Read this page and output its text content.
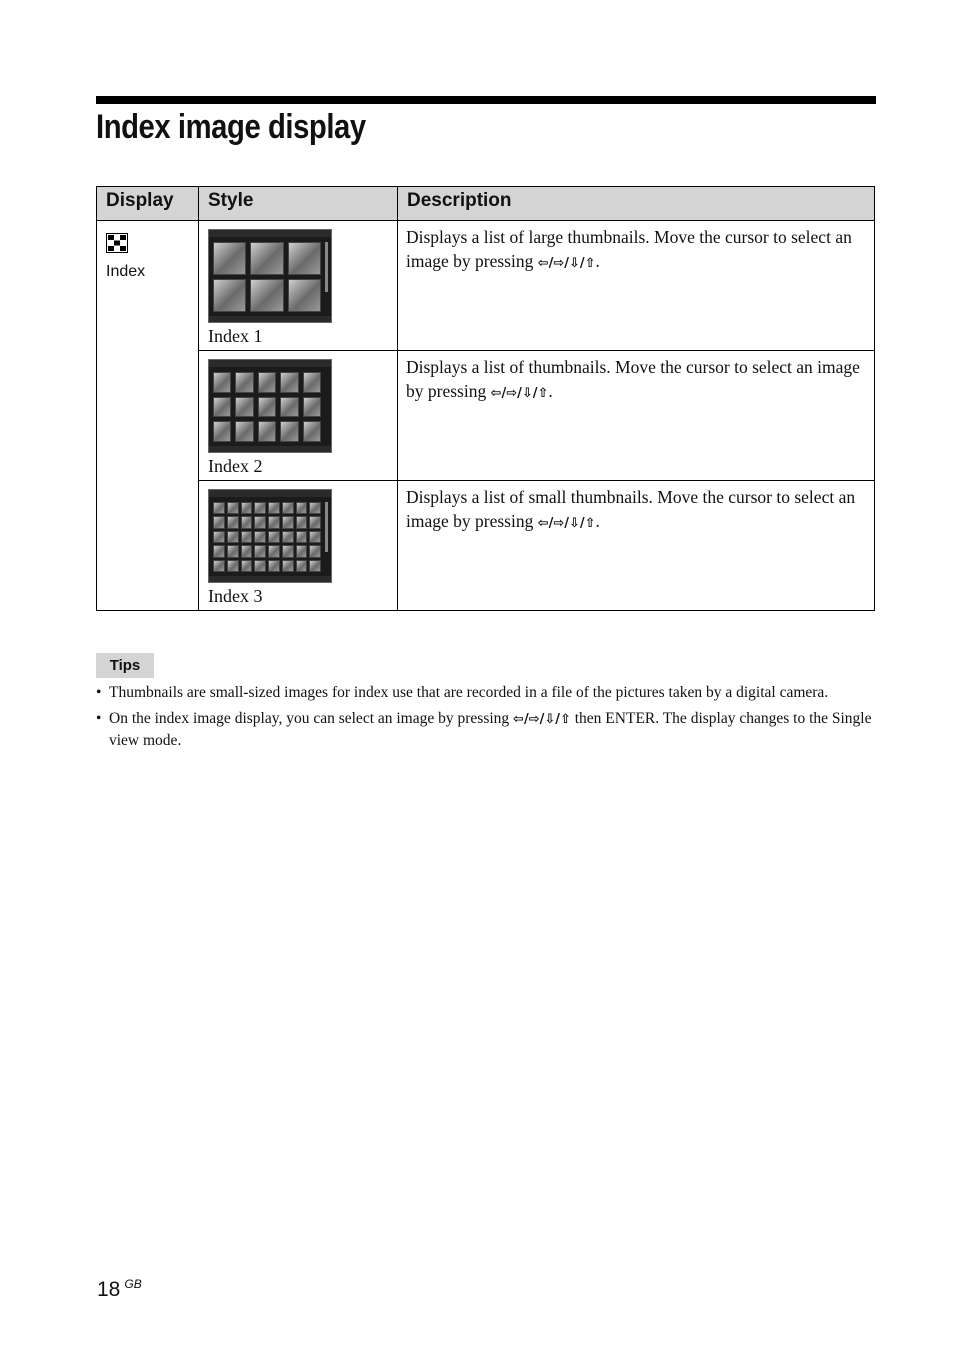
Index image display
Display	Style	Description

Index	Index 1	Displays a list of large thumbnails. Move the cursor to select an image by pressing ⇦/⇨/⇩/⇧.

	Index 2	Displays a list of thumbnails. Move the cursor to select an image by pressing ⇦/⇨/⇩/⇧.

	Index 3	Displays a list of small thumbnails. Move the cursor to select an image by pressing ⇦/⇨/⇩/⇧.
Tips
• Thumbnails are small-sized images for index use that are recorded in a file of the pictures taken by a digital camera.
• On the index image display, you can select an image by pressing ⇦/⇨/⇩/⇧ then ENTER. The display changes to the Single view mode.
18 $^{GB}$
